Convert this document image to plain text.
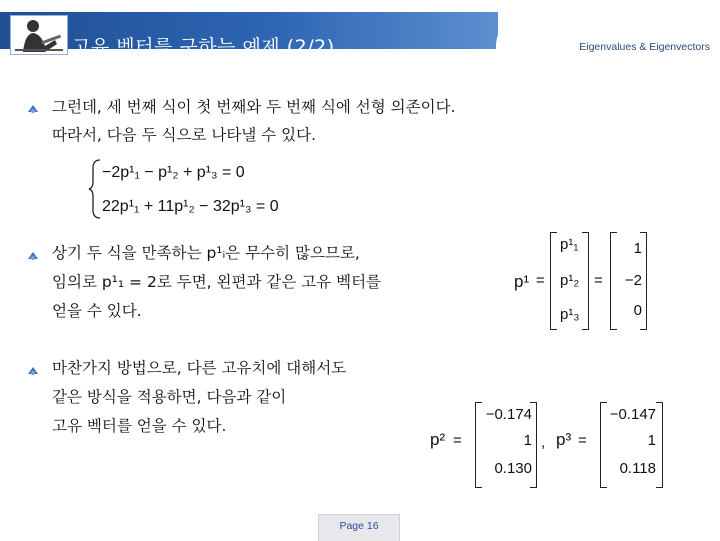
고유 벡터를 구하는 예제 (2/2)	Eigenvalues & Eigenvectors
그런데, 세 번째 식이 첫 번째와 두 번째 식에 선형 의존이다.
따라서, 다음 두 식으로 나타낼 수 있다.
−2p¹₁ − p¹₂ + p¹₃ = 0
22p¹₁ + 11p¹₂ − 32p¹₃ = 0
상기 두 식을 만족하는 p¹ᵢ은 무수히 많으므로,
임의로 p¹₁ = 2로 두면, 왼편과 같은 고유 벡터를
얻을 수 있다.
p¹ =
p¹₁
p¹₂
p¹₃
=
1
−2
0
마찬가지 방법으로, 다른 고유치에 대해서도
같은 방식을 적용하면, 다음과 같이
고유 벡터를 얻을 수 있다.
p² =
−0.174
1
0.130
, p³ =
−0.147
1
0.118
Page 16
